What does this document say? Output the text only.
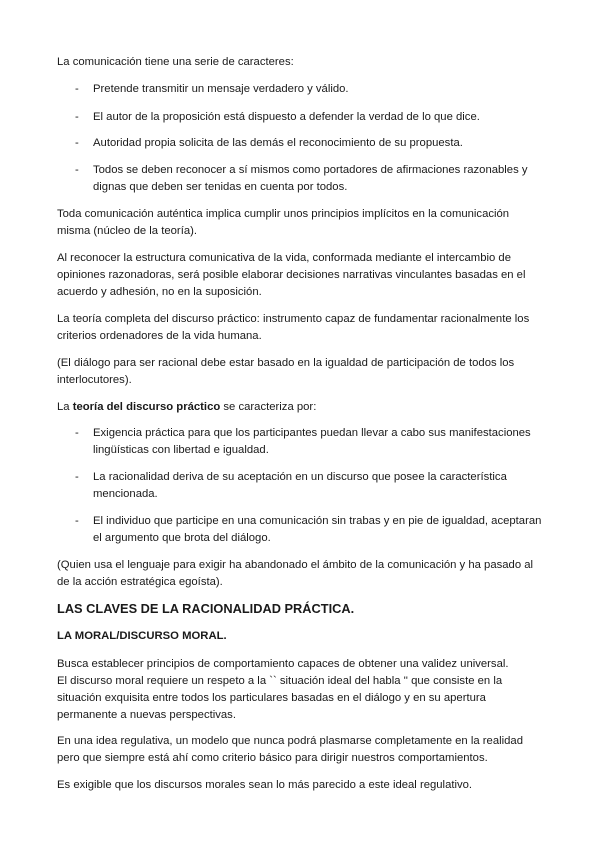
La comunicación tiene una serie de caracteres:

- Pretende transmitir un mensaje verdadero y válido.
- El autor de la proposición está dispuesto a defender la verdad de lo que dice.
- Autoridad propia solicita de las demás el reconocimiento de su propuesta.
- Todos se deben reconocer a sí mismos como portadores de afirmaciones razonables y dignas que deben ser tenidas en cuenta por todos.

Toda comunicación auténtica implica cumplir unos principios implícitos en la comunicación misma (núcleo de la teoría).

Al reconocer la estructura comunicativa de la vida, conformada mediante el intercambio de opiniones razonadoras, será posible elaborar decisiones narrativas vinculantes basadas en el acuerdo y adhesión, no en la suposición.

La teoría completa del discurso práctico: instrumento capaz de fundamentar racionalmente los criterios ordenadores de la vida humana.

(El diálogo para ser racional debe estar basado en la igualdad de participación de todos los interlocutores).

La teoría del discurso práctico se caracteriza por:

- Exigencia práctica para que los participantes puedan llevar a cabo sus manifestaciones lingüísticas con libertad e igualdad.
- La racionalidad deriva de su aceptación en un discurso que posee la característica mencionada.
- El individuo que participe en una comunicación sin trabas y en pie de igualdad, aceptaran el argumento que brota del diálogo.

(Quien usa el lenguaje para exigir ha abandonado el ámbito de la comunicación y ha pasado al de la acción estratégica egoísta).

LAS CLAVES DE LA RACIONALIDAD PRÁCTICA.
LA MORAL/DISCURSO MORAL.
Busca establecer principios de comportamiento capaces de obtener una validez universal.
El discurso moral requiere un respeto a la `` situación ideal del habla '' que consiste en la situación exquisita entre todos los particulares basadas en el diálogo y en su apertura permanente a nuevas perspectivas.

En una idea regulativa, un modelo que nunca podrá plasmarse completamente en la realidad pero que siempre está ahí como criterio básico para dirigir nuestros comportamientos.

Es exigible que los discursos morales sean lo más parecido a este ideal regulativo.
